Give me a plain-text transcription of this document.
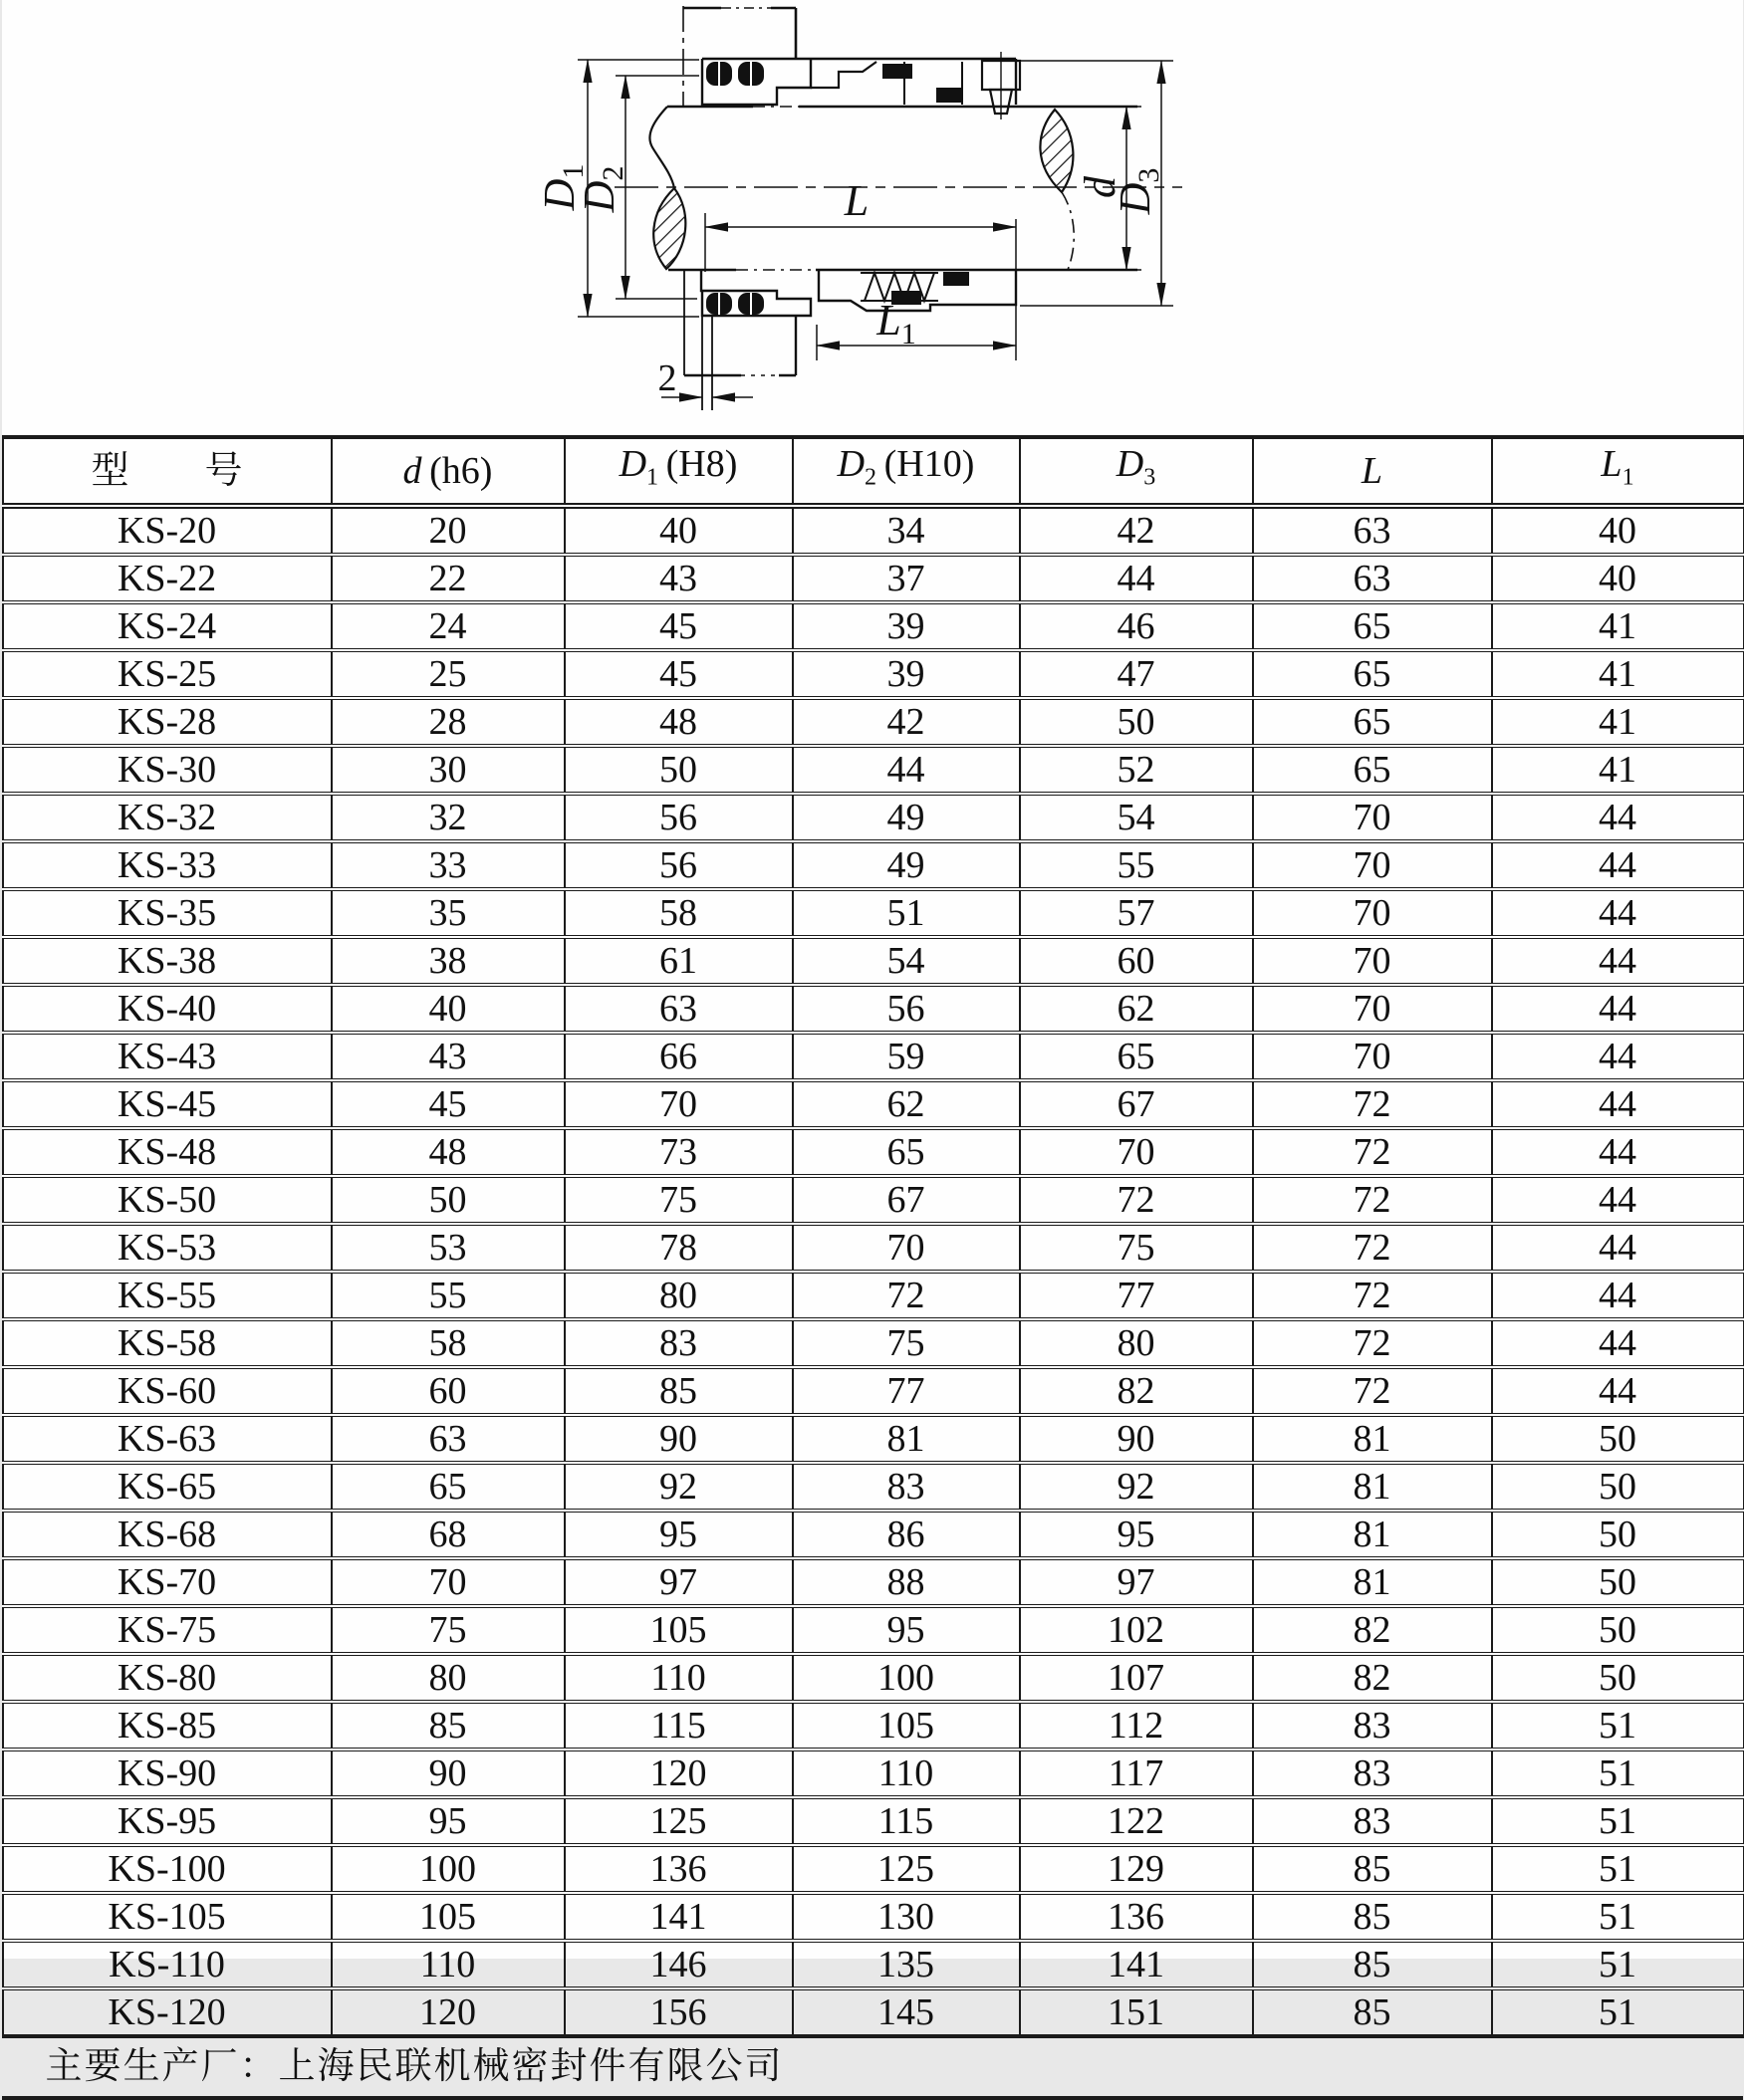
$D_1$
$D_2$
d
$D_3$
L
$L_1$
2
型　　号	d (h6)	$D_1$ (H8)	$D_2$ (H10)	$D_3$	L	$L_1$
KS-20	20	40	34	42	63	40
KS-22	22	43	37	44	63	40
KS-24	24	45	39	46	65	41
KS-25	25	45	39	47	65	41
KS-28	28	48	42	50	65	41
KS-30	30	50	44	52	65	41
KS-32	32	56	49	54	70	44
KS-33	33	56	49	55	70	44
KS-35	35	58	51	57	70	44
KS-38	38	61	54	60	70	44
KS-40	40	63	56	62	70	44
KS-43	43	66	59	65	70	44
KS-45	45	70	62	67	72	44
KS-48	48	73	65	70	72	44
KS-50	50	75	67	72	72	44
KS-53	53	78	70	75	72	44
KS-55	55	80	72	77	72	44
KS-58	58	83	75	80	72	44
KS-60	60	85	77	82	72	44
KS-63	63	90	81	90	81	50
KS-65	65	92	83	92	81	50
KS-68	68	95	86	95	81	50
KS-70	70	97	88	97	81	50
KS-75	75	105	95	102	82	50
KS-80	80	110	100	107	82	50
KS-85	85	115	105	112	83	51
KS-90	90	120	110	117	83	51
KS-95	95	125	115	122	83	51
KS-100	100	136	125	129	85	51
KS-105	105	141	130	136	85	51
KS-110	110	146	135	141	85	51
KS-120	120	156	145	151	85	51
主要生产厂：上海民联机械密封件有限公司
